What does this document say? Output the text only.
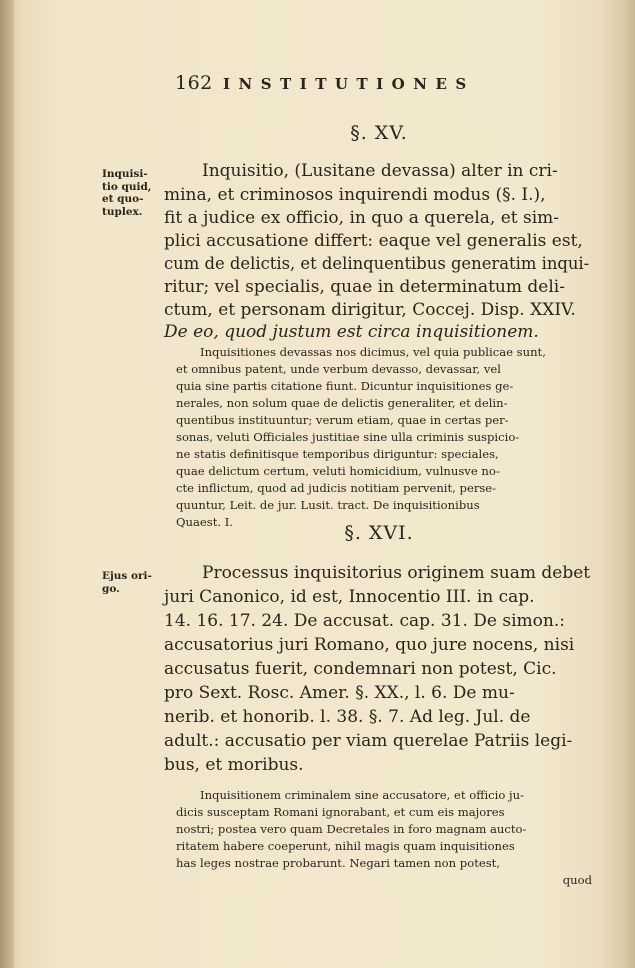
162 INSTITUTIONES
§. XV.
Inquisi-
tio quid,
et quo-
tuplex.
Inquisitio, (Lusitane devassa) alter in cri-
mina, et criminosos inquirendi modus (§. I.),
fit a judice ex officio, in quo a querela, et sim-
plici accusatione differt: eaque vel generalis est,
cum de delictis, et delinquentibus generatim inqui-
ritur; vel specialis, quae in determinatum deli-
ctum, et personam dirigitur, Coccej. Disp. XXIV.
De eo, quod justum est circa inquisitionem.
Inquisitiones devassas nos dicimus, vel quia publicae sunt,
et omnibus patent, unde verbum devasso, devassar, vel
quia sine partis citatione fiunt. Dicuntur inquisitiones ge-
nerales, non solum quae de delictis generaliter, et delin-
quentibus instituuntur; verum etiam, quae in certas per-
sonas, veluti Officiales justitiae sine ulla criminis suspicio-
ne statis definitisque temporibus diriguntur: speciales,
quae delictum certum, veluti homicidium, vulnusve no-
cte inflictum, quod ad judicis notitiam pervenit, perse-
quuntur, Leit. de jur. Lusit. tract. De inquisitionibus
Quaest. I.	§. XVI.
Ejus ori-
go.
Processus inquisitorius originem suam debet
juri Canonico, id est, Innocentio III. in cap.
14. 16. 17. 24. De accusat. cap. 31. De simon.:
accusatorius juri Romano, quo jure nocens, nisi
accusatus fuerit, condemnari non potest, Cic.
pro Sext. Rosc. Amer. §. XX., l. 6. De mu-
nerib. et honorib. l. 38. §. 7. Ad leg. Jul. de
adult.: accusatio per viam querelae Patriis legi-
bus, et moribus.
Inquisitionem criminalem sine accusatore, et officio ju-
dicis susceptam Romani ignorabant, et cum eis majores
nostri; postea vero quam Decretales in foro magnam aucto-
ritatem habere coeperunt, nihil magis quam inquisitiones
has leges nostrae probarunt. Negari tamen non potest,
quod
